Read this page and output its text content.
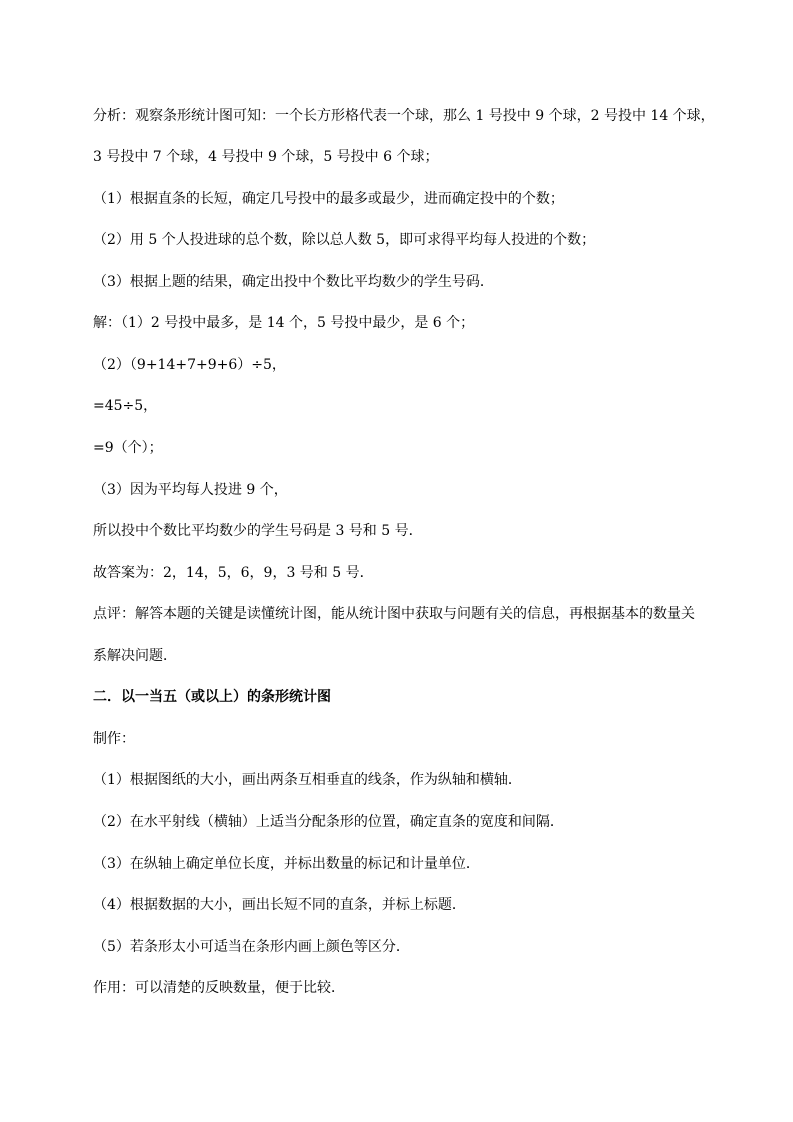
分析：观察条形统计图可知：一个长方形格代表一个球，那么 1 号投中 9 个球，2 号投中 14 个球，
3 号投中 7 个球，4 号投中 9 个球，5 号投中 6 个球；
（1）根据直条的长短，确定几号投中的最多或最少，进而确定投中的个数；
（2）用 5 个人投进球的总个数，除以总人数 5，即可求得平均每人投进的个数；
（3）根据上题的结果，确定出投中个数比平均数少的学生号码．
解：（1）2 号投中最多，是 14 个，5 号投中最少，是 6 个；
（2）（9+14+7+9+6）÷5，
=45÷5，
=9（个）；
（3）因为平均每人投进 9 个，
所以投中个数比平均数少的学生号码是 3 号和 5 号．
故答案为：2，14，5，6，9，3 号和 5 号．
点评：解答本题的关键是读懂统计图，能从统计图中获取与问题有关的信息，再根据基本的数量关
系解决问题．
二．以一当五（或以上）的条形统计图
制作：
（1）根据图纸的大小，画出两条互相垂直的线条，作为纵轴和横轴．
（2）在水平射线（横轴）上适当分配条形的位置，确定直条的宽度和间隔．
（3）在纵轴上确定单位长度，并标出数量的标记和计量单位．
（4）根据数据的大小，画出长短不同的直条，并标上标题．
（5）若条形太小可适当在条形内画上颜色等区分．
作用：可以清楚的反映数量，便于比较．
